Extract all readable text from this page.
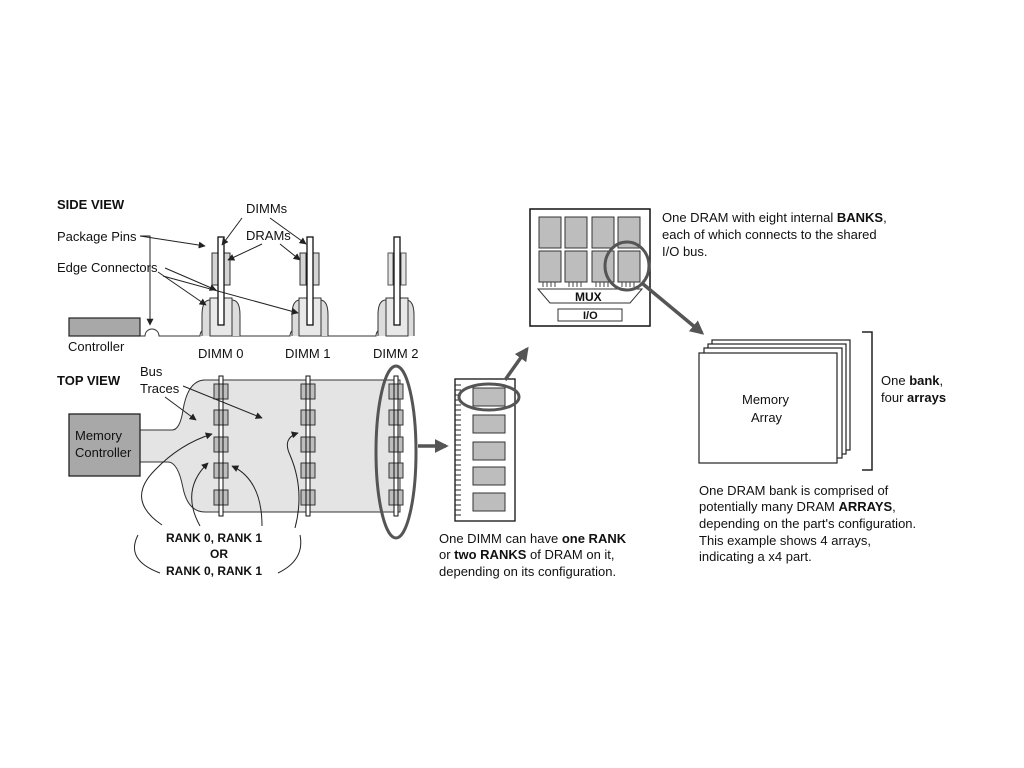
SIDE VIEW
Package Pins
Edge Connectors
DIMMs
DRAMs
Controller	DIMM 0	DIMM 1	DIMM 2
TOP VIEW
Bus
Traces
Memory
Controller
RANK 0, RANK 1
OR
RANK 0, RANK 1
One DIMM can have one RANK
or two RANKS of DRAM on it,
depending on its configuration.
MUX
I/O
One DRAM with eight internal BANKS,
each of which connects to the shared
I/O bus.
Memory
Array
One bank,
four arrays
One DRAM bank is comprised of
potentially many DRAM ARRAYS,
depending on the part's configuration.
This example shows 4 arrays,
indicating a x4 part.
